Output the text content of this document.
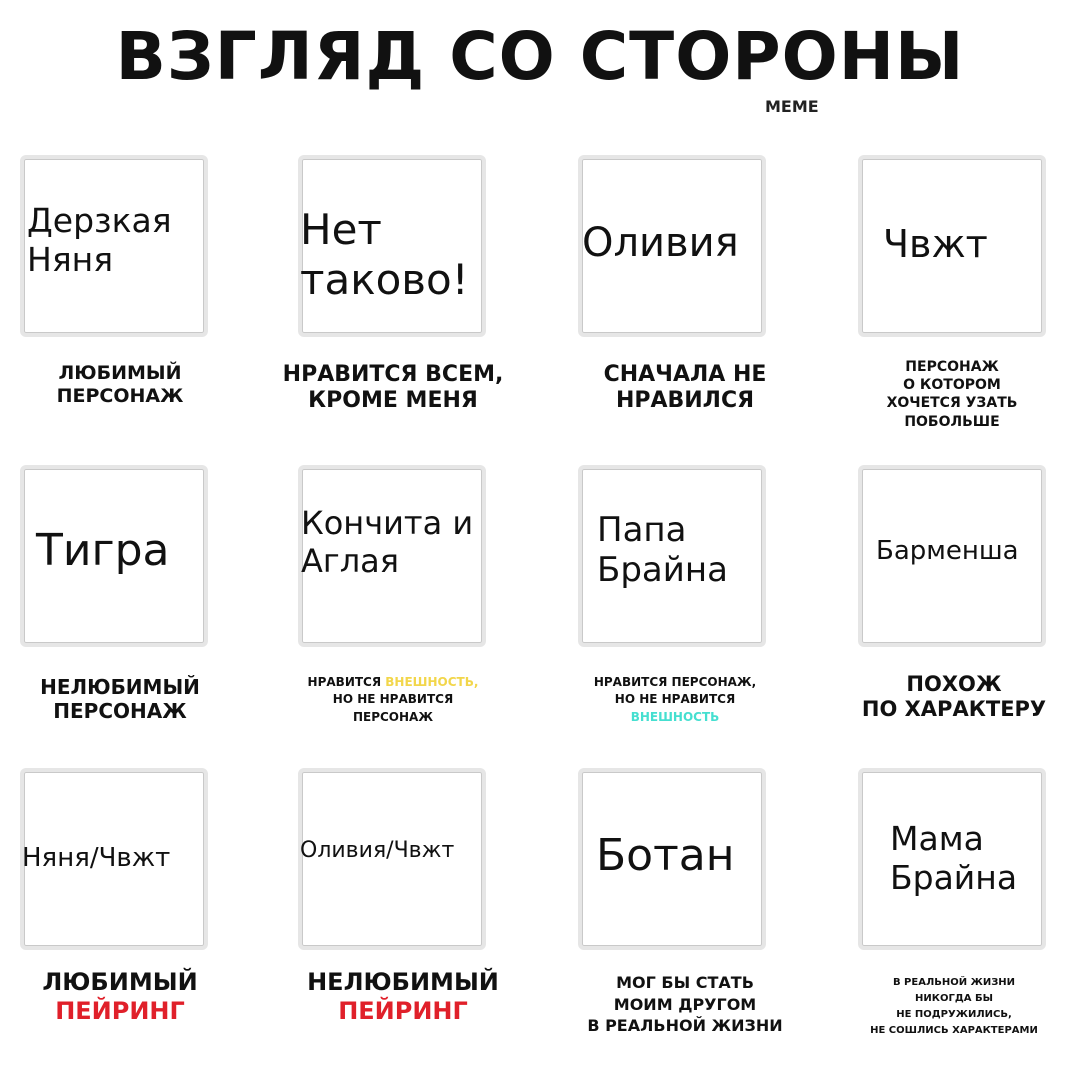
ВЗГЛЯД СО СТОРОНЫ
MEME
Дерзкая
Няня
ЛЮБИМЫЙ
ПЕРСОНАЖ
Нет
таково!
НРАВИТСЯ ВСЕМ,
КРОМЕ МЕНЯ
Оливия
СНАЧАЛА НЕ
НРАВИЛСЯ
Чвжт
ПЕРСОНАЖ
О КОТОРОМ
ХОЧЕТСЯ УЗАТЬ
ПОБОЛЬШЕ
Тигра
НЕЛЮБИМЫЙ
ПЕРСОНАЖ
Кончита и
Аглая
НРАВИТСЯ ВНЕШНОСТЬ,
НО НЕ НРАВИТСЯ
ПЕРСОНАЖ
Папа
Брайна
НРАВИТСЯ ПЕРСОНАЖ,
НО НЕ НРАВИТСЯ
ВНЕШНОСТЬ
Барменша
ПОХОЖ
ПО ХАРАКТЕРУ
Няня/Чвжт
ЛЮБИМЫЙ
ПЕЙРИНГ
Оливия/Чвжт
НЕЛЮБИМЫЙ
ПЕЙРИНГ
Ботан
МОГ БЫ СТАТЬ
МОИМ ДРУГОМ
В РЕАЛЬНОЙ ЖИЗНИ
Мама
Брайна
В РЕАЛЬНОЙ ЖИЗНИ
НИКОГДА БЫ
НЕ ПОДРУЖИЛИСЬ,
НЕ СОШЛИСЬ ХАРАКТЕРАМИ
